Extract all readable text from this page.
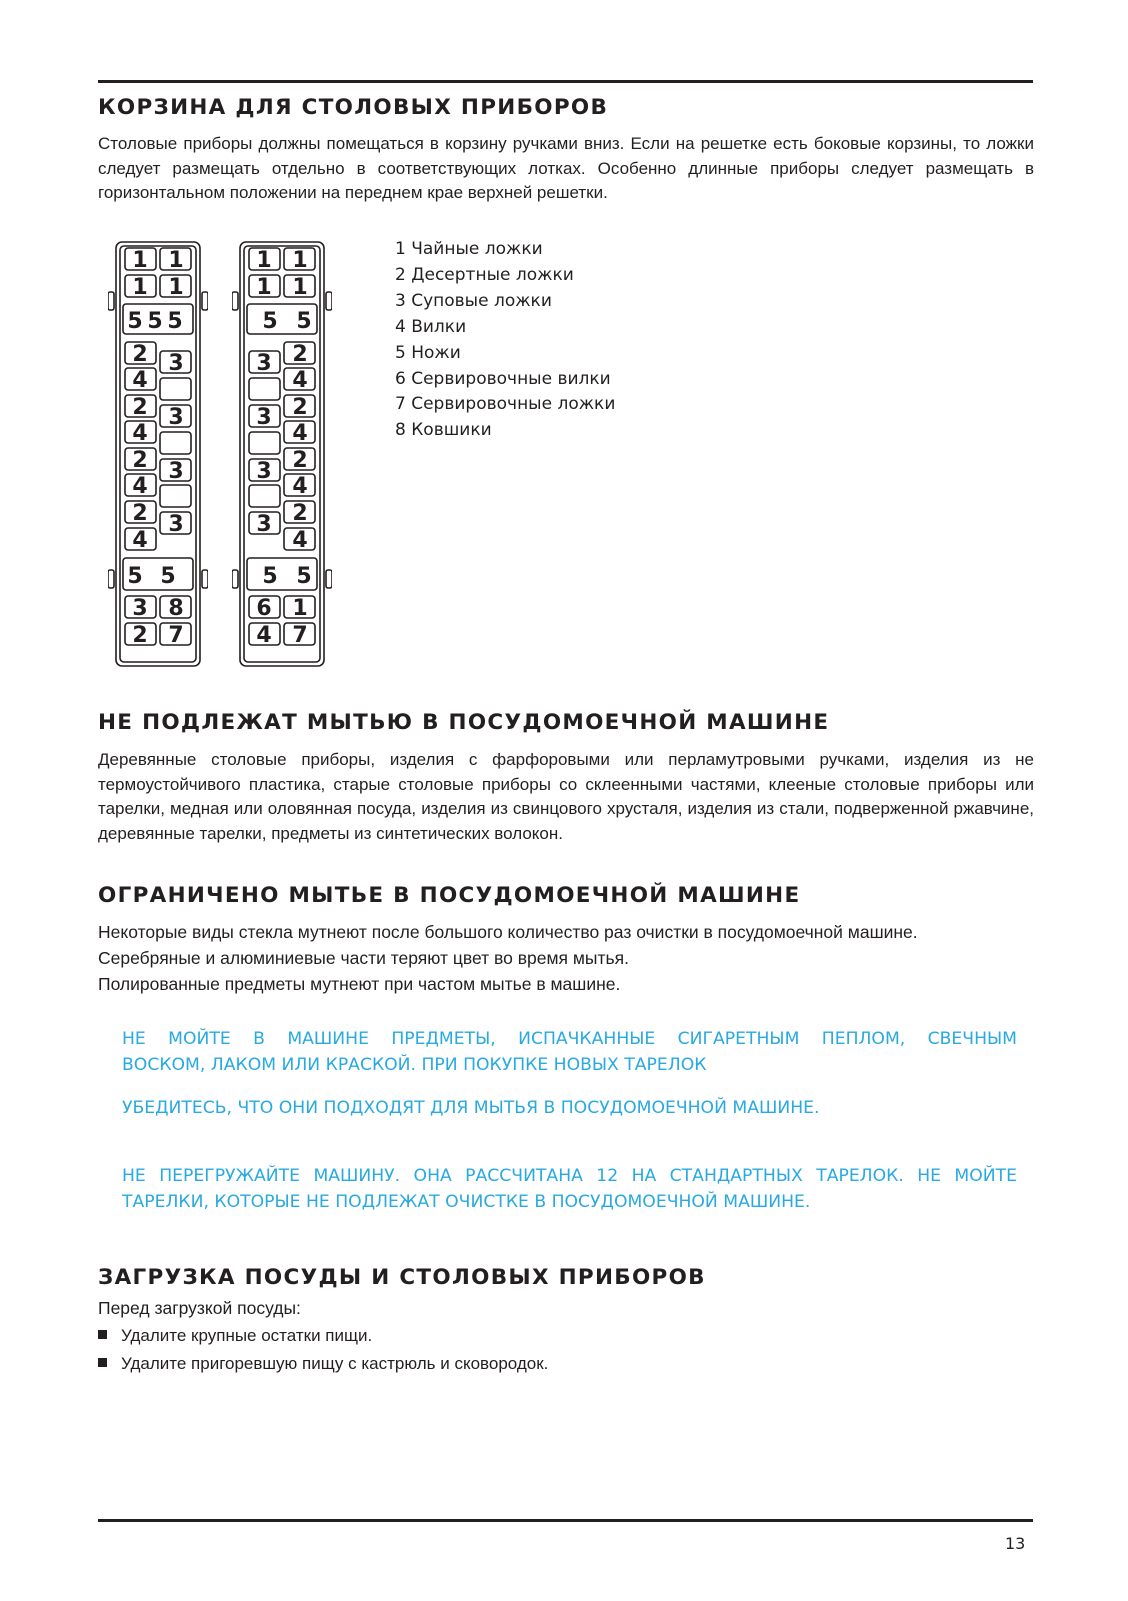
КОРЗИНА ДЛЯ СТОЛОВЫХ ПРИБОРОВ

Столовые приборы должны помещаться в корзину ручками вниз. Если на решетке есть боковые корзины, то ложки следует размещать отдельно в соответствующих лотках. Особенно длинные приборы следует размещать в горизонтальном положении на переднем крае верхней решетки.

1 1
1 1
5 5 5
2 3
4
2 3
4
2 3
4
2 3
4
5 5
3 8
2 7
1 1
1 1
5 5
3 2
4
3 2
4
3 2
4
3 2
4
5 5
6 1
4 7
1 Чайные ложки
2 Десертные ложки
3 Суповые ложки
4 Вилки
5 Ножи
6 Сервировочные вилки
7 Сервировочные ложки
8 Ковшики
НЕ ПОДЛЕЖАТ МЫТЬЮ В ПОСУДОМОЕЧНОЙ МАШИНЕ

Деревянные столовые приборы, изделия с фарфоровыми или перламутровыми ручками, изделия из не термоустойчивого пластика, старые столовые приборы со склеенными частями, клееные столовые приборы или тарелки, медная или оловянная посуда, изделия из свинцового хрусталя, изделия из стали, подверженной ржавчине, деревянные тарелки, предметы из синтетических волокон.

ОГРАНИЧЕНО МЫТЬЕ В ПОСУДОМОЕЧНОЙ МАШИНЕ
Некоторые виды стекла мутнеют после большого количество раз очистки в посудомоечной машине.
Серебряные и алюминиевые части теряют цвет во время мытья.
Полированные предметы мутнеют при частом мытье в машине.

НЕ МОЙТЕ В МАШИНЕ ПРЕДМЕТЫ, ИСПАЧКАННЫЕ СИГАРЕТНЫМ ПЕПЛОМ, СВЕЧНЫМ

ВОСКОМ, ЛАКОМ ИЛИ КРАСКОЙ. ПРИ ПОКУПКЕ НОВЫХ ТАРЕЛОК

УБЕДИТЕСЬ, ЧТО ОНИ ПОДХОДЯТ ДЛЯ МЫТЬЯ В ПОСУДОМОЕЧНОЙ МАШИНЕ.

НЕ ПЕРЕГРУЖАЙТЕ МАШИНУ. ОНА РАССЧИТАНА 12 НА СТАНДАРТНЫХ ТАРЕЛОК. НЕ МОЙТЕ

ТАРЕЛКИ, КОТОРЫЕ НЕ ПОДЛЕЖАТ ОЧИСТКЕ В ПОСУДОМОЕЧНОЙ МАШИНЕ.

ЗАГРУЗКА ПОСУДЫ И СТОЛОВЫХ ПРИБОРОВ
Перед загрузкой посуды:
Удалите крупные остатки пищи.
Удалите пригоревшую пищу с кастрюль и сковородок.
13
